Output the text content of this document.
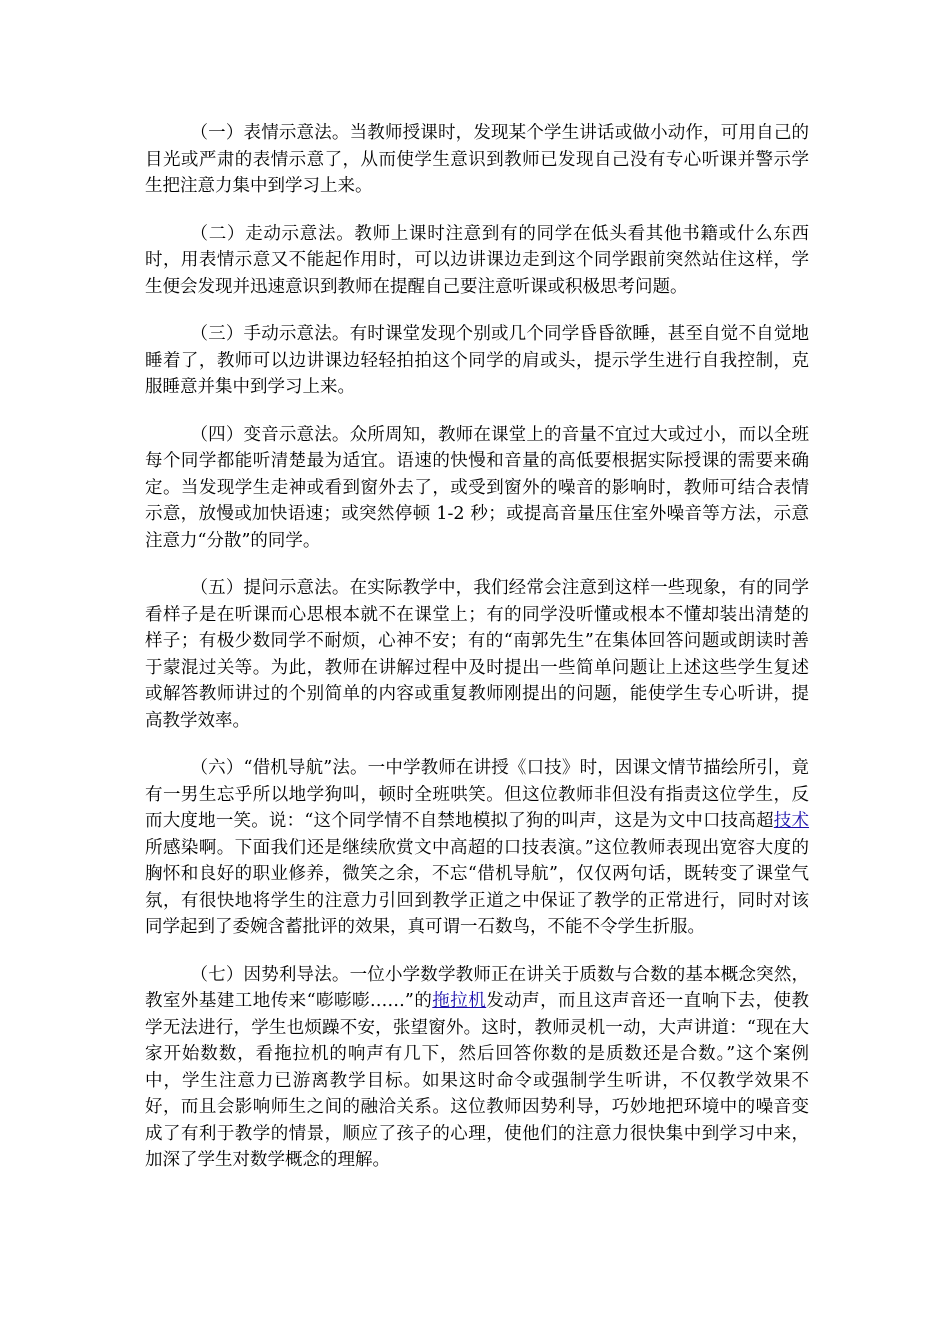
（一）表情示意法。当教师授课时，发现某个学生讲话或做小动作，可用自己的目光或严肃的表情示意了，从而使学生意识到教师已发现自己没有专心听课并警示学生把注意力集中到学习上来。

（二）走动示意法。教师上课时注意到有的同学在低头看其他书籍或什么东西时，用表情示意又不能起作用时，可以边讲课边走到这个同学跟前突然站住这样，学生便会发现并迅速意识到教师在提醒自己要注意听课或积极思考问题。

（三）手动示意法。有时课堂发现个别或几个同学昏昏欲睡，甚至自觉不自觉地睡着了，教师可以边讲课边轻轻拍拍这个同学的肩或头，提示学生进行自我控制，克服睡意并集中到学习上来。

（四）变音示意法。众所周知，教师在课堂上的音量不宜过大或过小，而以全班每个同学都能听清楚最为适宜。语速的快慢和音量的高低要根据实际授课的需要来确定。当发现学生走神或看到窗外去了，或受到窗外的噪音的影响时，教师可结合表情示意，放慢或加快语速；或突然停顿 1-2 秒；或提高音量压住室外噪音等方法，示意注意力“分散”的同学。

（五）提问示意法。在实际教学中，我们经常会注意到这样一些现象，有的同学看样子是在听课而心思根本就不在课堂上；有的同学没听懂或根本不懂却装出清楚的样子；有极少数同学不耐烦，心神不安；有的“南郭先生”在集体回答问题或朗读时善于蒙混过关等。为此，教师在讲解过程中及时提出一些简单问题让上述这些学生复述或解答教师讲过的个别简单的内容或重复教师刚提出的问题，能使学生专心听讲，提高教学效率。

（六）“借机导航”法。一中学教师在讲授《口技》时，因课文情节描绘所引，竟有一男生忘乎所以地学狗叫，顿时全班哄笑。但这位教师非但没有指责这位学生，反而大度地一笑。说：“这个同学情不自禁地模拟了狗的叫声，这是为文中口技高超技术所感染啊。下面我们还是继续欣赏文中高超的口技表演。”这位教师表现出宽容大度的胸怀和良好的职业修养，微笑之余，不忘“借机导航”，仅仅两句话，既转变了课堂气氛，有很快地将学生的注意力引回到教学正道之中保证了教学的正常进行，同时对该同学起到了委婉含蓄批评的效果，真可谓一石数鸟，不能不令学生折服。

（七）因势利导法。一位小学数学教师正在讲关于质数与合数的基本概念突然，教室外基建工地传来“嘭嘭嘭……”的拖拉机发动声，而且这声音还一直响下去，使教学无法进行，学生也烦躁不安，张望窗外。这时，教师灵机一动，大声讲道：“现在大家开始数数，看拖拉机的响声有几下，然后回答你数的是质数还是合数。”这个案例中，学生注意力已游离教学目标。如果这时命令或强制学生听讲，不仅教学效果不好，而且会影响师生之间的融洽关系。这位教师因势利导，巧妙地把环境中的噪音变成了有利于教学的情景，顺应了孩子的心理，使他们的注意力很快集中到学习中来，加深了学生对数学概念的理解。
